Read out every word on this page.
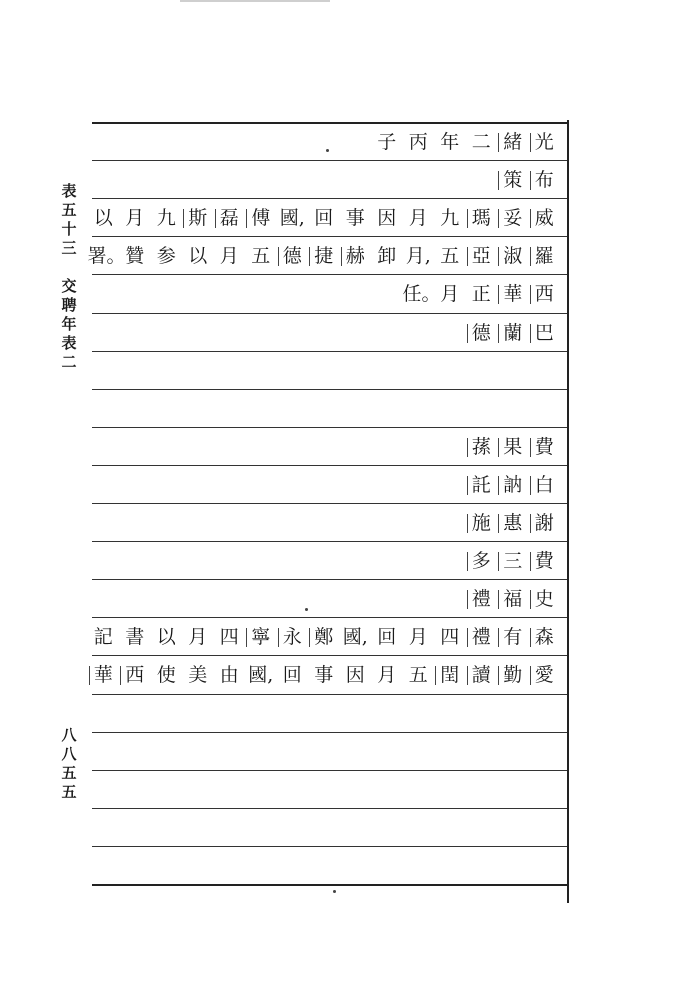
表
五
十
三

交
聘
年
表
二
八
八
五
五
光
緒
二
年
丙
子
布
策
威
妥
瑪
九
月
因
事
回
國,
傅
磊
斯
九
月
以
羅
淑
亞
五
月,
卸
赫
捷
德
五
月
以
参
贊
署。
西
華
正
月
任。
巴
蘭
德
費
果
蓀
白
訥
託
謝
惠
施
費
三
多
史
福
禮
森
有
禮
四
月
回
國,
鄭
永
寧
四
月
以
書
記
愛
勤
讀
閏
五
月
因
事
回
國,
由
美
使
西
華
